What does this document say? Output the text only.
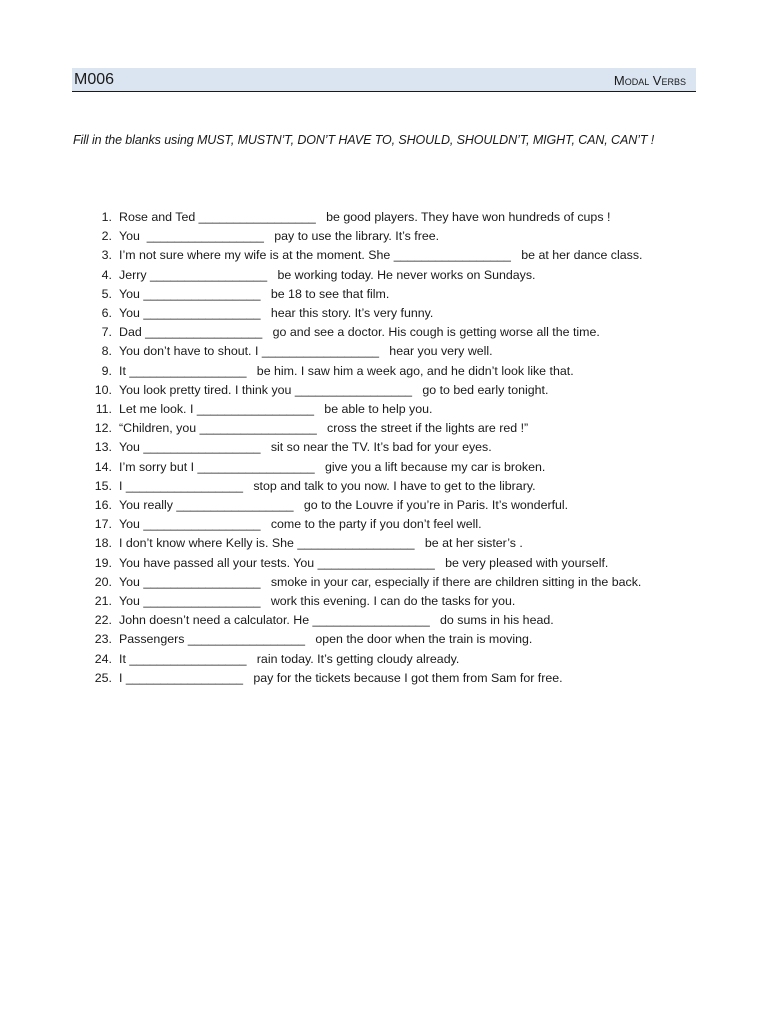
M006	Modal Verbs
Fill in the blanks using MUST, MUSTN’T, DON’T HAVE TO, SHOULD, SHOULDN’T, MIGHT, CAN, CAN’T !
1. Rose and Ted _________________   be good players. They have won hundreds of cups !
2. You  _________________   pay to use the library. It’s free.
3. I’m not sure where my wife is at the moment. She _________________   be at her dance class.
4. Jerry _________________   be working today. He never works on Sundays.
5. You _________________   be 18 to see that film.
6. You _________________   hear this story. It’s very funny.
7. Dad _________________   go and see a doctor. His cough is getting worse all the time.
8. You don’t have to shout. I _________________   hear you very well.
9. It _________________   be him. I saw him a week ago, and he didn’t look like that.
10. You look pretty tired. I think you _________________   go to bed early tonight.
11. Let me look. I _________________   be able to help you.
12. “Children, you _________________   cross the street if the lights are red !”
13. You _________________   sit so near the TV. It’s bad for your eyes.
14. I’m sorry but I _________________   give you a lift because my car is broken.
15. I _________________   stop and talk to you now. I have to get to the library.
16. You really _________________   go to the Louvre if you’re in Paris. It’s wonderful.
17. You _________________   come to the party if you don’t feel well.
18. I don’t know where Kelly is. She _________________   be at her sister’s .
19. You have passed all your tests. You _________________   be very pleased with yourself.
20. You _________________   smoke in your car, especially if there are children sitting in the back.
21. You _________________   work this evening. I can do the tasks for you.
22. John doesn’t need a calculator. He _________________   do sums in his head.
23. Passengers _________________   open the door when the train is moving.
24. It _________________   rain today. It’s getting cloudy already.
25. I _________________   pay for the tickets because I got them from Sam for free.
